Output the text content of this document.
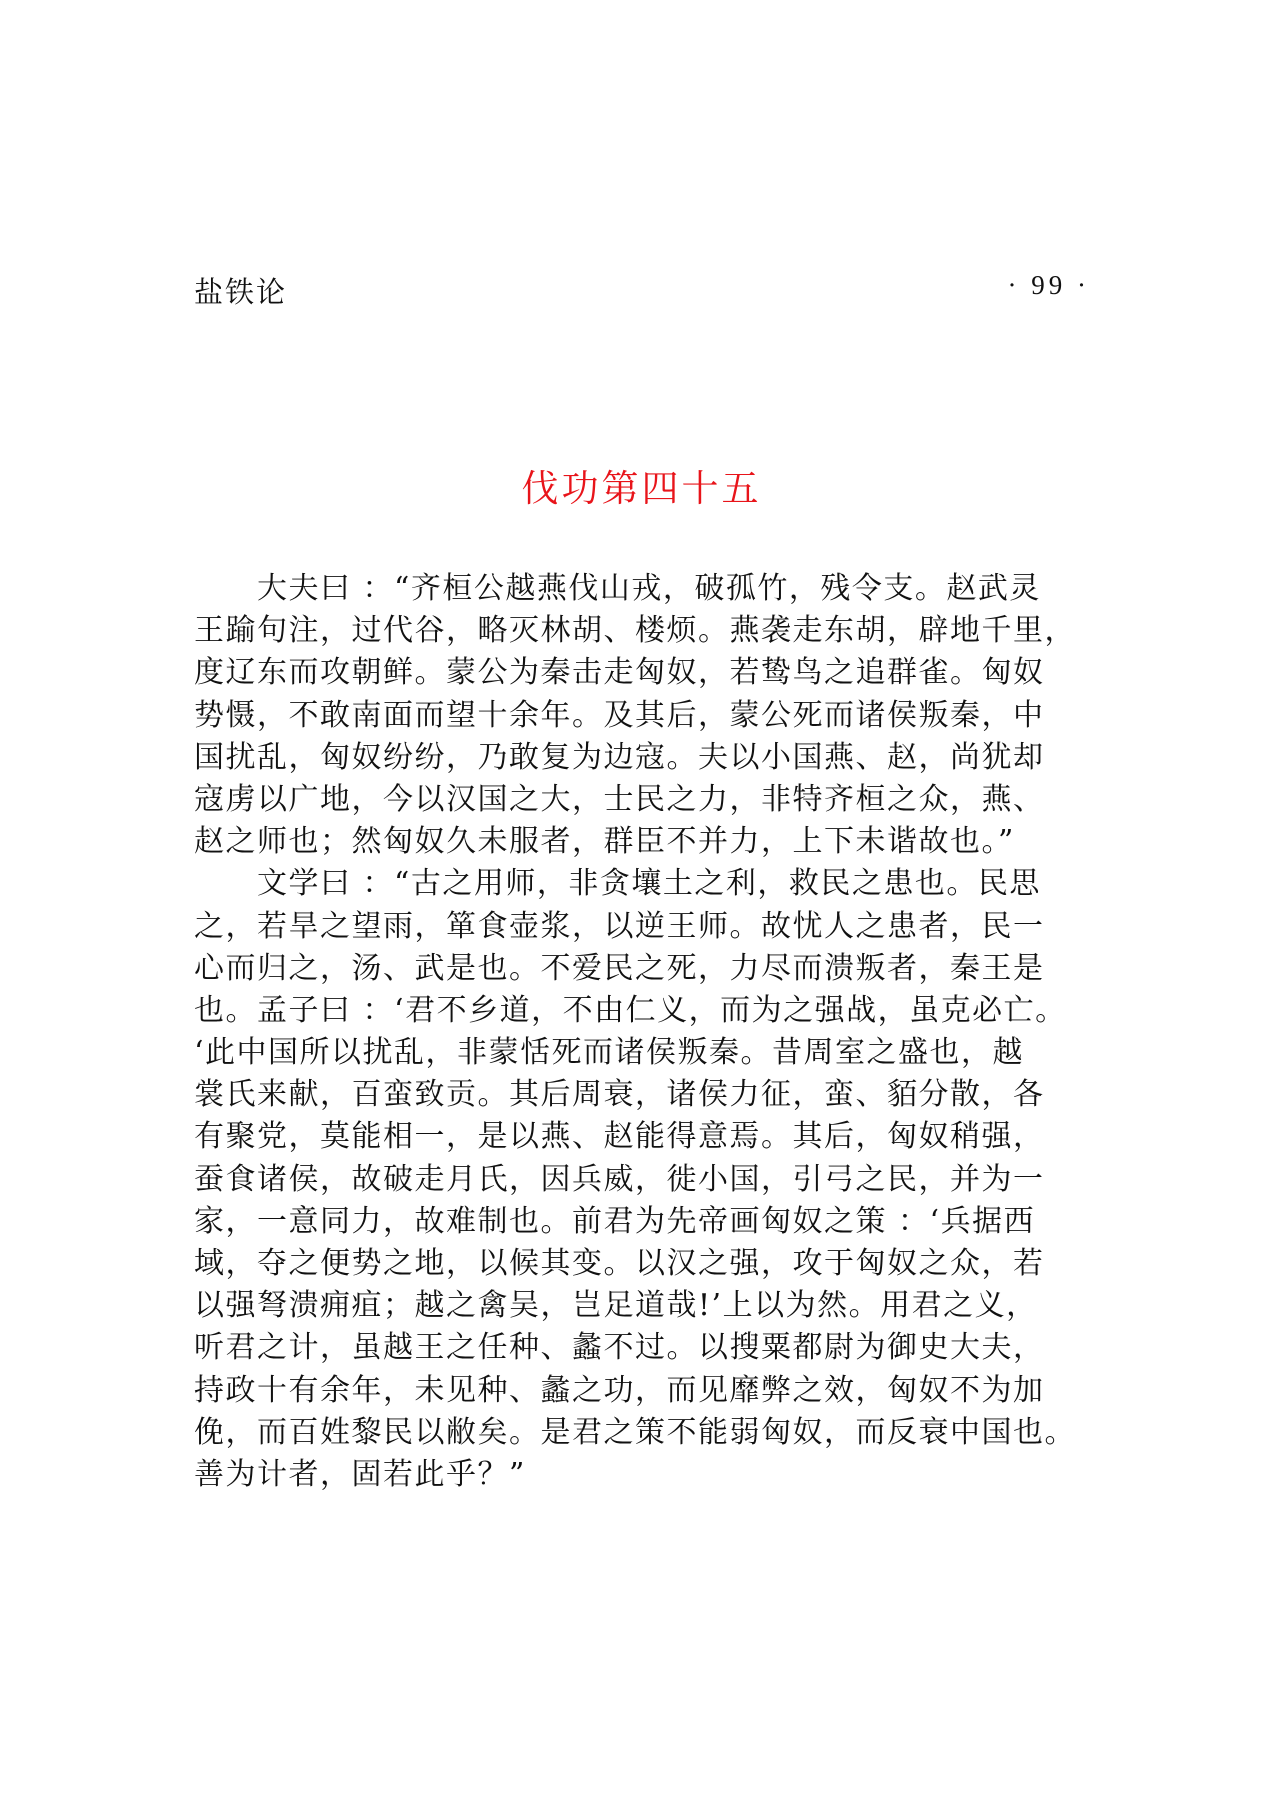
盐铁论	· 99 ·
伐功第四十五
　　大夫曰 ：“齐桓公越燕伐山戎，破孤竹，残令支。赵武灵
王踰句注，过代谷，略灭林胡、楼烦。燕袭走东胡，辟地千里，
度辽东而攻朝鲜。蒙公为秦击走匈奴，若鸷鸟之追群雀。匈奴
势慑，不敢南面而望十余年。及其后，蒙公死而诸侯叛秦，中
国扰乱，匈奴纷纷，乃敢复为边寇。夫以小国燕、赵，尚犹却
寇虏以广地，今以汉国之大，士民之力，非特齐桓之众，燕、
赵之师也；然匈奴久未服者，群臣不并力，上下未谐故也。”
　　文学曰 ：“古之用师，非贪壤土之利，救民之患也。民思
之，若旱之望雨，箪食壶浆，以逆王师。故忧人之患者，民一
心而归之，汤、武是也。不爱民之死，力尽而溃叛者，秦王是
也。孟子曰 ：‘君不乡道，不由仁义，而为之强战，虽克必亡。
‘此中国所以扰乱，非蒙恬死而诸侯叛秦。昔周室之盛也，越
裳氏来献，百蛮致贡。其后周衰，诸侯力征，蛮、貊分散，各
有聚党，莫能相一，是以燕、赵能得意焉。其后，匈奴稍强，
蚕食诸侯，故破走月氏，因兵威，徙小国，引弓之民，并为一
家，一意同力，故难制也。前君为先帝画匈奴之策 ：‘兵据西
域，夺之便势之地，以候其变。以汉之强，攻于匈奴之众，若
以强弩溃痈疽；越之禽吴，岂足道哉!’上以为然。用君之义，
听君之计，虽越王之任种、蠡不过。以搜粟都尉为御史大夫，
持政十有余年，未见种、蠡之功，而见靡弊之效，匈奴不为加
俛，而百姓黎民以敝矣。是君之策不能弱匈奴，而反衰中国也。
善为计者，固若此乎？”
